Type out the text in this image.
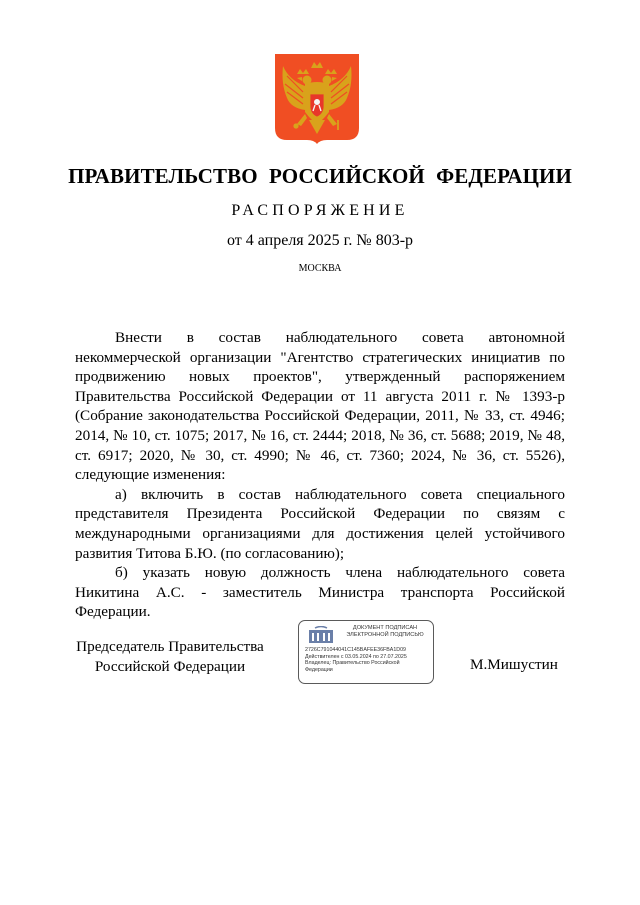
ПРАВИТЕЛЬСТВО РОССИЙСКОЙ ФЕДЕРАЦИИ
РАСПОРЯЖЕНИЕ
от 4 апреля 2025 г. № 803-р
МОСКВА

Внести в состав наблюдательного совета автономной некоммерческой организации "Агентство стратегических инициатив по продвижению новых проектов", утвержденный распоряжением Правительства Российской Федерации от 11 августа 2011 г. № 1393-р (Собрание законодательства Российской Федерации, 2011, № 33, ст. 4946; 2014, № 10, ст. 1075; 2017, № 16, ст. 2444; 2018, № 36, ст. 5688; 2019, № 48, ст. 6917; 2020, № 30, ст. 4990; № 46, ст. 7360; 2024, № 36, ст. 5526), следующие изменения:

а) включить в состав наблюдательного совета специального представителя Президента Российской Федерации по связям с международными организациями для достижения целей устойчивого развития Титова Б.Ю. (по согласованию);

б) указать новую должность члена наблюдательного совета Никитина А.С. - заместитель Министра транспорта Российской Федерации.

Председатель Правительства
Российской Федерации
ДОКУМЕНТ ПОДПИСАН
ЭЛЕКТРОННОЙ ПОДПИСЬЮ
2726C791044041C145BAFEE36FBA1D09
Действителен с 03.05.2024 по 27.07.2025
Владелец: Правительство Российской
Федерации	М.Мишустин
